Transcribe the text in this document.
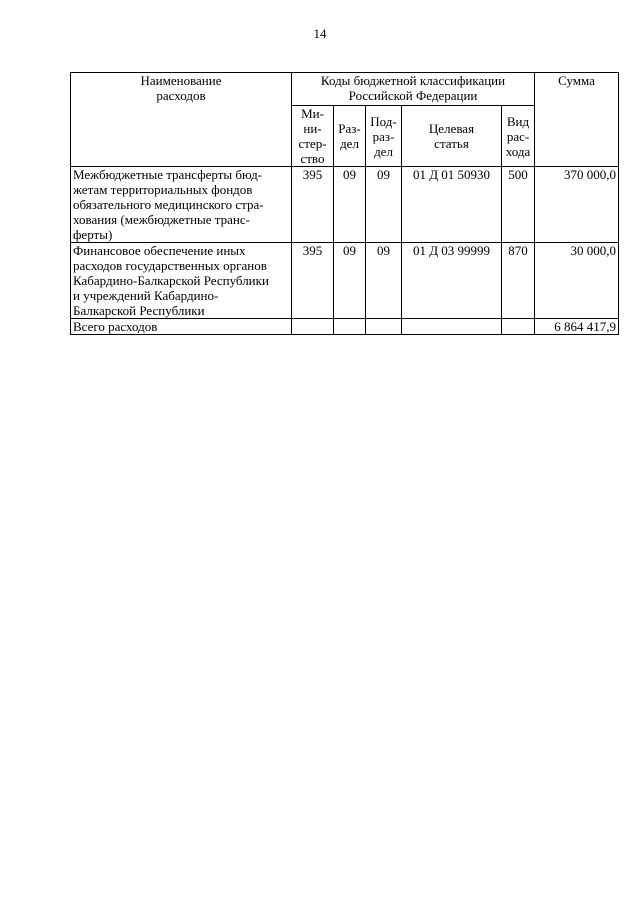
14
Наименование
расходов	Коды бюджетной классификации
Российской Федерации					Сумма

	Ми-
ни-
стер-
ство	Раз-
дел	Под-
раз-
дел	Целевая
статья	Вид
рас-
хода	

Межбюджетные трансферты бюд-
жетам территориальных фондов
обязательного медицинского стра-
хования (межбюджетные транс-
ферты)	395	09	09	01 Д 01 50930	500	370 000,0

Финансовое обеспечение иных
расходов государственных органов
Кабардино-Балкарской Республики
и учреждений Кабардино-
Балкарской Республики	395	09	09	01 Д 03 99999	870	30 000,0
Всего расходов						6 864 417,9
